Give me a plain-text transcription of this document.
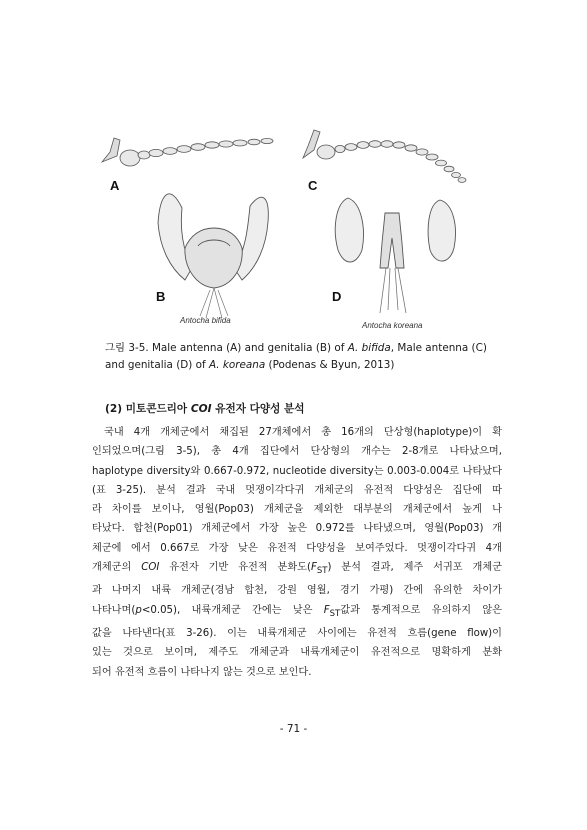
A
B
C
D
Antocha bifida
Antocha koreana
그림 3-5. Male antenna (A) and genitalia (B) of A. bifida, Male antenna (C) and genitalia (D) of A. koreana (Podenas & Byun, 2013)
(2) 미토콘드리아 COI 유전자 다양성 분석
국내 4개 개체군에서 채집된 27개체에서 총 16개의 단상형(haplotype)이 확
인되었으며(그림 3-5), 총 4개 집단에서 단상형의 개수는 2-8개로 나타났으며,
haplotype diversity와 0.667-0.972, nucleotide diversity는 0.003-0.004로 나타났다
(표 3-25). 분석 결과 국내 멋쟁이각다귀 개체군의 유전적 다양성은 집단에 따
라 차이를 보이나, 영월(Pop03) 개체군을 제외한 대부분의 개체군에서 높게 나
타났다. 합천(Pop01) 개체군에서 가장 높은 0.972를 나타냈으며, 영월(Pop03) 개
체군에 에서 0.667로 가장 낮은 유전적 다양성을 보여주었다. 멋쟁이각다귀 4개
개체군의 COI 유전자 기반 유전적 분화도$(F_{ST})$ 분석 결과, 제주 서귀포 개체군
과 나머지 내륙 개체군(경남 합천, 강원 영월, 경기 가평) 간에 유의한 차이가
나타나며(p<0.05), 내륙개체군 간에는 낮은 $F_{ST}$값과 통계적으로 유의하지 않은
값을 나타낸다(표 3-26). 이는 내륙개체군 사이에는 유전적 흐름(gene flow)이
있는 것으로 보이며, 제주도 개체군과 내륙개체군이 유전적으로 명확하게 분화
되어 유전적 흐름이 나타나지 않는 것으로 보인다.
- 71 -
